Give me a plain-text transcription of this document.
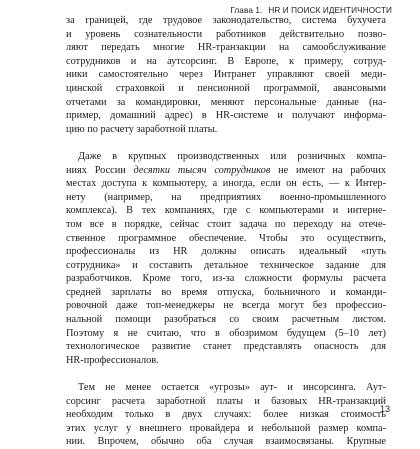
Глава 1. HR И ПОИСК ИДЕНТИЧНОСТИ

за границей, где трудовое законодательство, система бухучета
и уровень сознательности работников действительно позво-
ляют передать многие HR-транзакции на самообслуживание
сотрудников и на аутсорсинг. В Европе, к примеру, сотруд-
ники самостоятельно через Интранет управляют своей меди-
цинской страховкой и пенсионной программой, авансовыми
отчетами за командировки, меняют персональные данные (на-
пример, домашний адрес) в HR-системе и получают информа-
цию по расчету заработной платы.

Даже в крупных производственных или розничных компа-
ниях России десятки тысяч сотрудников не имеют на рабочих
местах доступа к компьютеру, а иногда, если он есть, — к Интер-
нету (например, на предприятиях военно-промышленного
комплекса). В тех компаниях, где с компьютерами и интерне-
том все в порядке, сейчас стоит задача по переходу на отече-
ственное программное обеспечение. Чтобы это осуществить,
профессионалы из HR должны описать идеальный «путь
сотрудника» и составить детальное техническое задание для
разработчиков. Кроме того, из-за сложности формулы расчета
средней зарплаты во время отпуска, больничного и команди-
ровочной даже топ-менеджеры не всегда могут без профессио-
нальной помощи разобраться со своим расчетным листом.
Поэтому я не считаю, что в обозримом будущем (5–10 лет)
технологическое развитие станет представлять опасность для
HR-профессионалов.

Тем не менее остается «угрозы» аут- и инсорсинга. Аут-
сорсинг расчета заработной платы и базовых HR-транзакций
необходим только в двух случаях: более низкая стоимость
этих услуг у внешнего провайдера и небольшой размер компа-
нии. Впрочем, обычно оба случая взаимосвязаны. Крупные

13
